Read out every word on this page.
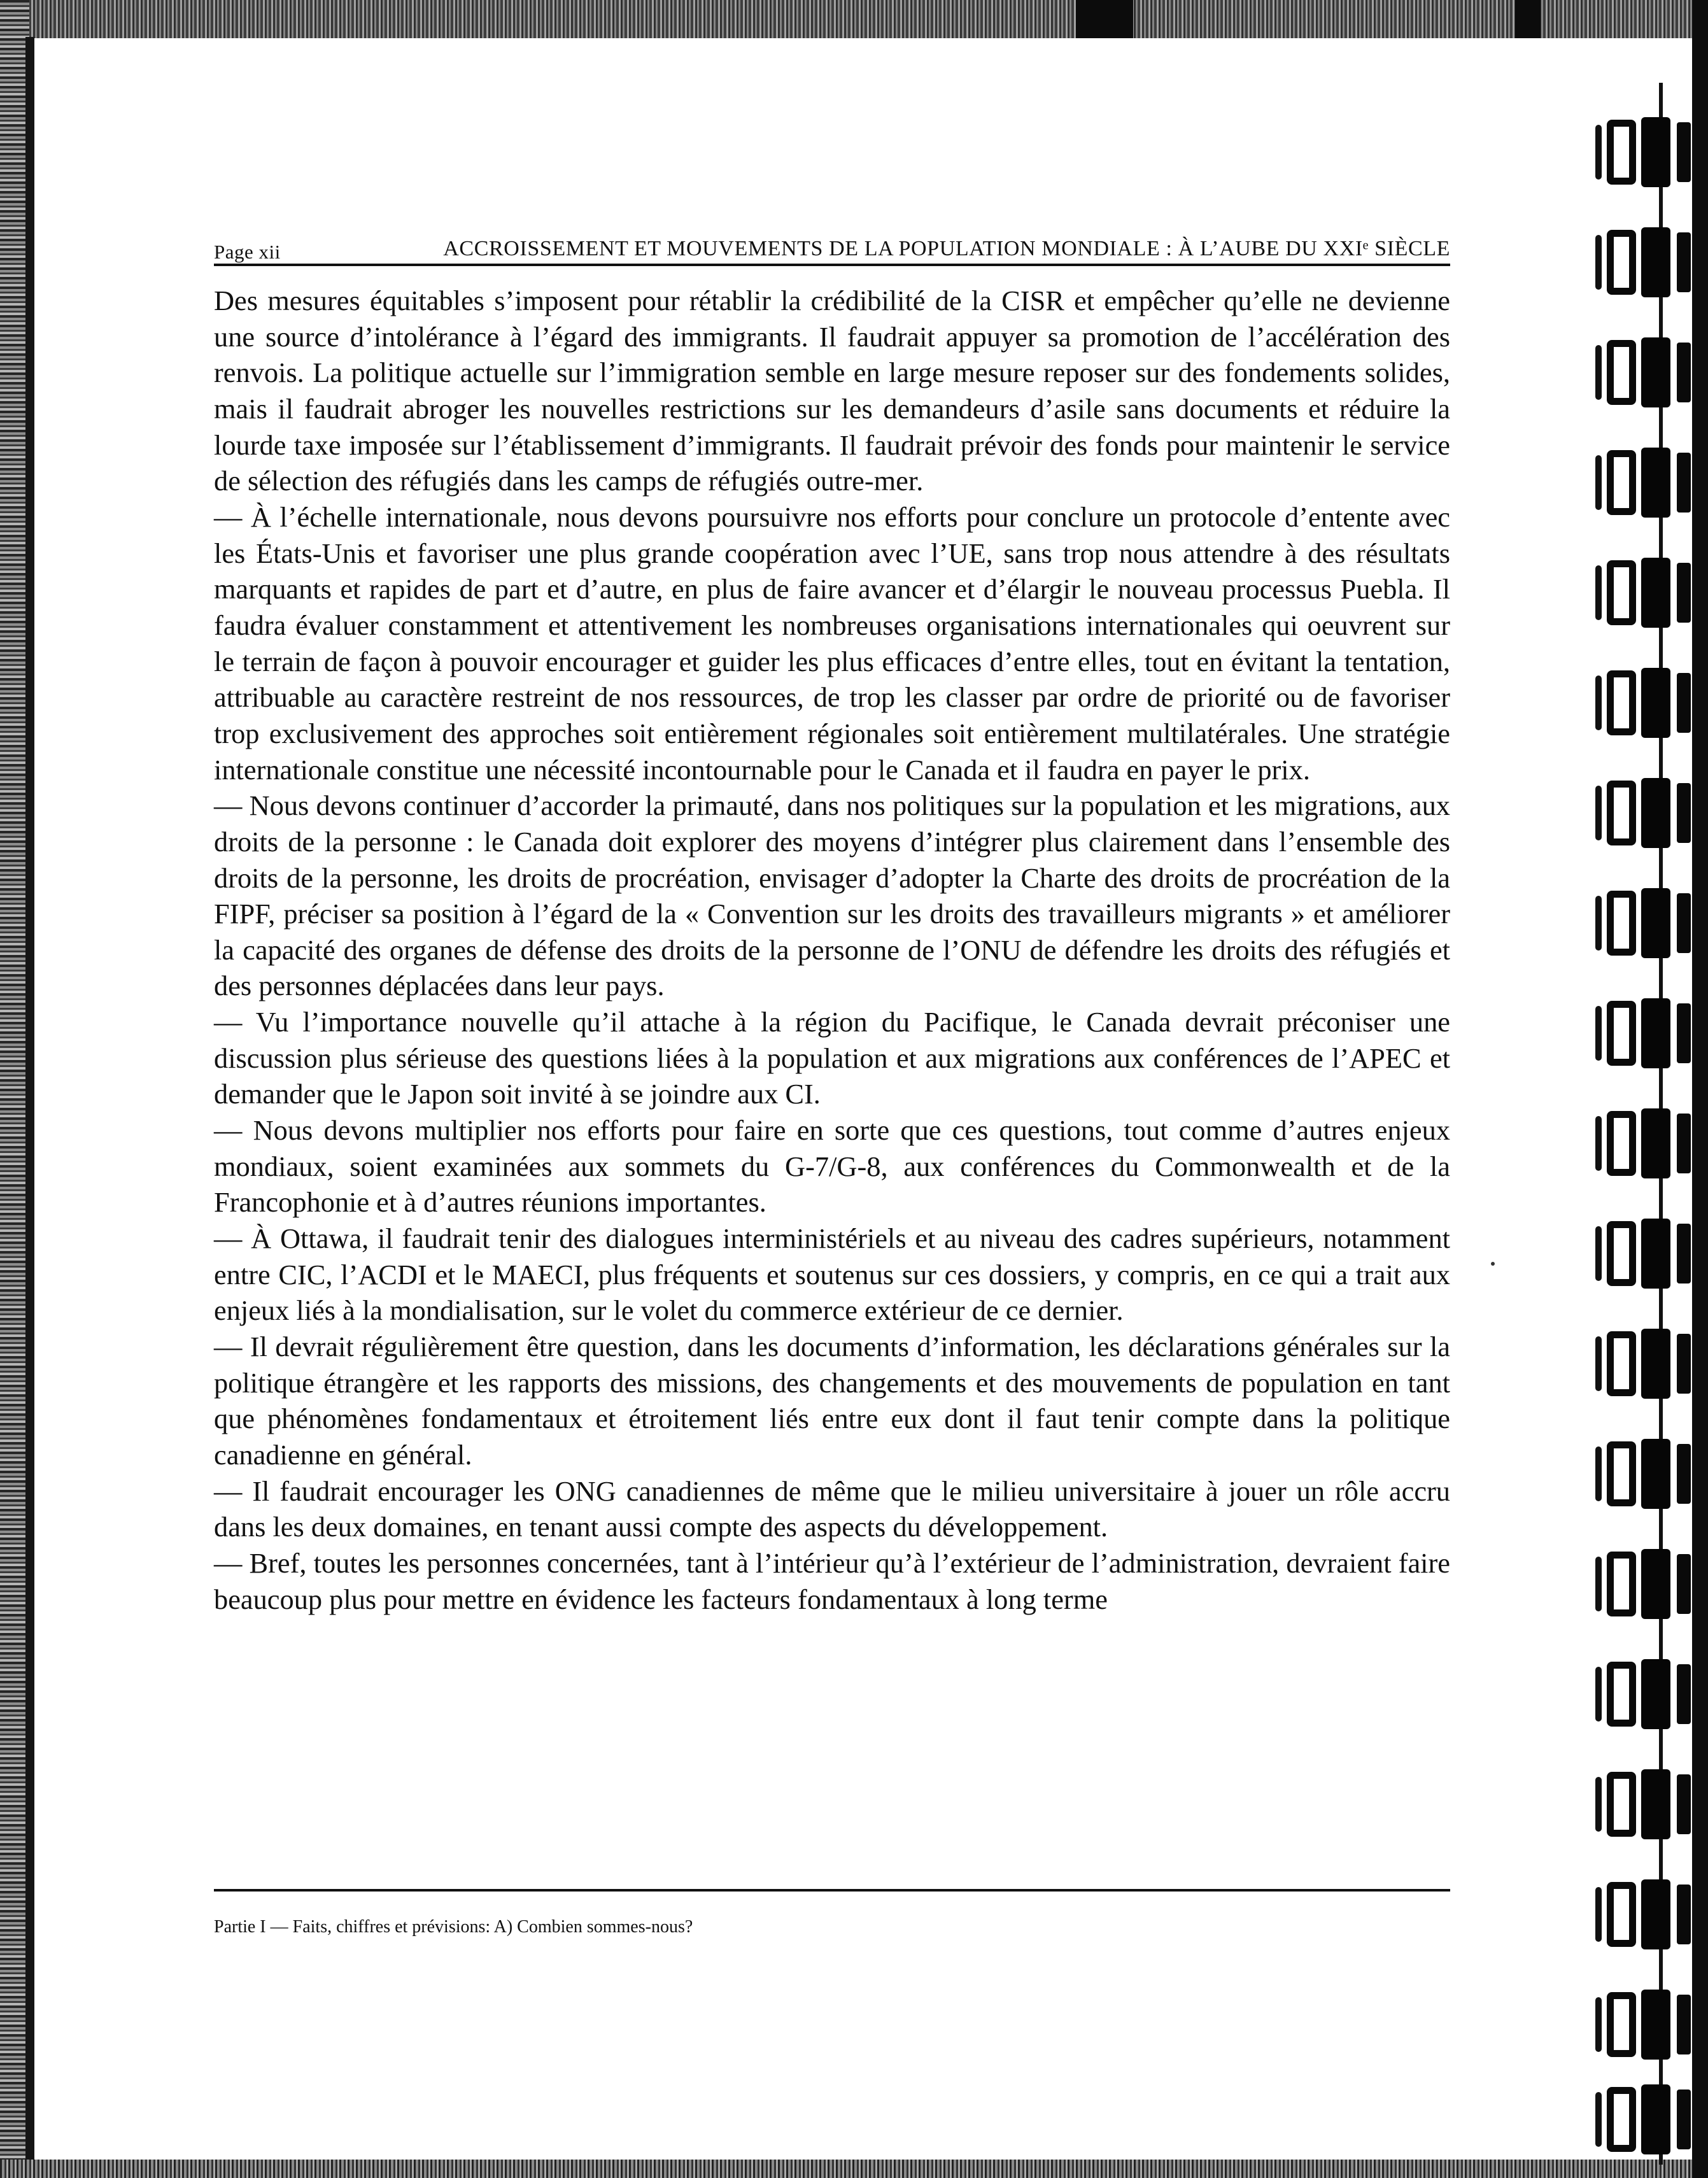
Page xii	ACCROISSEMENT ET MOUVEMENTS DE LA POPULATION MONDIALE : À L’AUBE DU XXIᵉ SIÈCLE

Des mesures équitables s’imposent pour rétablir la crédibilité de la CISR et empêcher qu’elle ne devienne une source d’intolérance à l’égard des immigrants. Il faudrait appuyer sa promotion de l’accélération des renvois. La politique actuelle sur l’immigration semble en large mesure reposer sur des fondements solides, mais il faudrait abroger les nouvelles restrictions sur les demandeurs d’asile sans documents et réduire la lourde taxe imposée sur l’établissement d’immigrants. Il faudrait prévoir des fonds pour maintenir le service de sélection des réfugiés dans les camps de réfugiés outre-mer.

— À l’échelle internationale, nous devons poursuivre nos efforts pour conclure un protocole d’entente avec les États-Unis et favoriser une plus grande coopération avec l’UE, sans trop nous attendre à des résultats marquants et rapides de part et d’autre, en plus de faire avancer et d’élargir le nouveau processus Puebla. Il faudra évaluer constamment et attentivement les nombreuses organisations internationales qui oeuvrent sur le terrain de façon à pouvoir encourager et guider les plus efficaces d’entre elles, tout en évitant la tentation, attribuable au caractère restreint de nos ressources, de trop les classer par ordre de priorité ou de favoriser trop exclusivement des approches soit entièrement régionales soit entièrement multilatérales. Une stratégie internationale constitue une nécessité incontournable pour le Canada et il faudra en payer le prix.

— Nous devons continuer d’accorder la primauté, dans nos politiques sur la population et les migrations, aux droits de la personne : le Canada doit explorer des moyens d’intégrer plus clairement dans l’ensemble des droits de la personne, les droits de procréation, envisager d’adopter la Charte des droits de procréation de la FIPF, préciser sa position à l’égard de la « Convention sur les droits des travailleurs migrants » et améliorer la capacité des organes de défense des droits de la personne de l’ONU de défendre les droits des réfugiés et des personnes déplacées dans leur pays.

— Vu l’importance nouvelle qu’il attache à la région du Pacifique, le Canada devrait préconiser une discussion plus sérieuse des questions liées à la population et aux migrations aux conférences de l’APEC et demander que le Japon soit invité à se joindre aux CI.

— Nous devons multiplier nos efforts pour faire en sorte que ces questions, tout comme d’autres enjeux mondiaux, soient examinées aux sommets du G-7/G-8, aux conférences du Commonwealth et de la Francophonie et à d’autres réunions importantes.

— À Ottawa, il faudrait tenir des dialogues interministériels et au niveau des cadres supérieurs, notamment entre CIC, l’ACDI et le MAECI, plus fréquents et soutenus sur ces dossiers, y compris, en ce qui a trait aux enjeux liés à la mondialisation, sur le volet du commerce extérieur de ce dernier.

— Il devrait régulièrement être question, dans les documents d’information, les déclarations générales sur la politique étrangère et les rapports des missions, des changements et des mouvements de population en tant que phénomènes fondamentaux et étroitement liés entre eux dont il faut tenir compte dans la politique canadienne en général.

— Il faudrait encourager les ONG canadiennes de même que le milieu universitaire à jouer un rôle accru dans les deux domaines, en tenant aussi compte des aspects du développement.

— Bref, toutes les personnes concernées, tant à l’intérieur qu’à l’extérieur de l’administration, devraient faire beaucoup plus pour mettre en évidence les facteurs fondamentaux à long terme

Partie I — Faits, chiffres et prévisions: A) Combien sommes-nous?
